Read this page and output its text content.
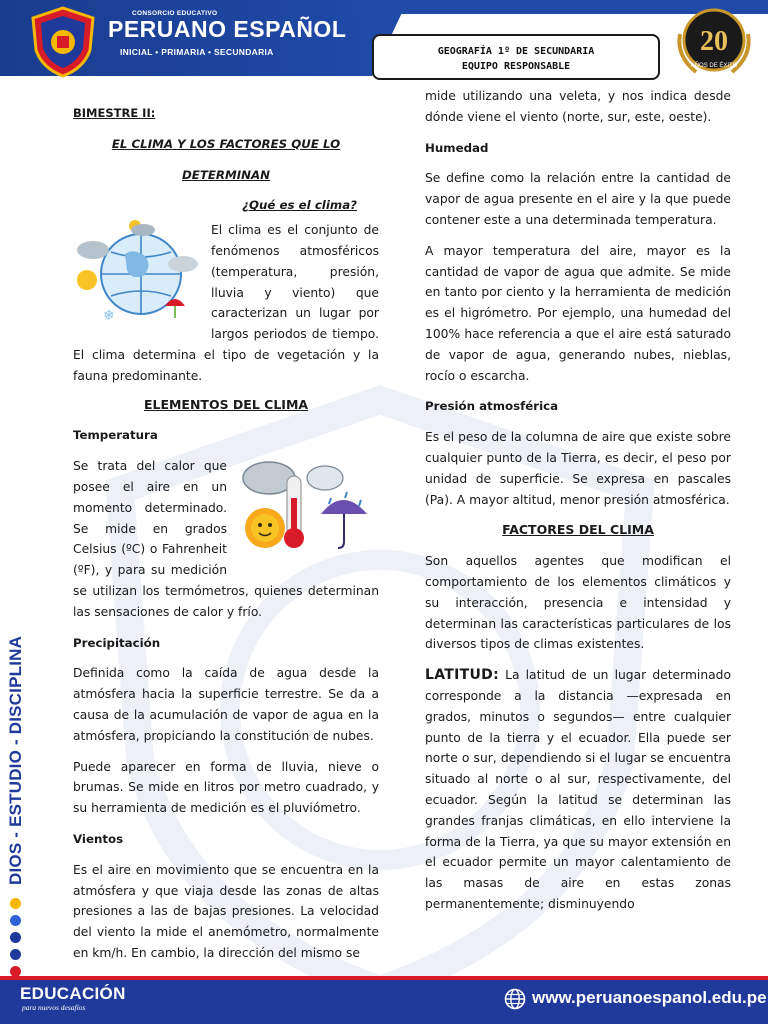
CONSORCIO EDUCATIVO
PERUANO ESPAÑOL
INICIAL • PRIMARIA • SECUNDARIA	GEOGRAFÍA 1º DE SECUNDARIA
EQUIPO RESPONSABLE
20
AÑOS DE ÉXITO
DIOS - ESTUDIO - DISCIPLINA
BIMESTRE II:
EL CLIMA Y LOS FACTORES QUE LO
DETERMINAN
¿Qué es el clima?
❄
El clima es el conjunto de fenómenos atmosféricos (temperatura, presión, lluvia y viento) que caracterizan un lugar por largos periodos de tiempo. El clima determina el tipo de vegetación y la fauna predominante.
ELEMENTOS DEL CLIMA
Temperatura
Se trata del calor que posee el aire en un momento determinado. Se mide en grados Celsius (ºC) o Fahrenheit (ºF), y para su medición se utilizan los termómetros, quienes determinan las sensaciones de calor y frío.
Precipitación
Definida como la caída de agua desde la atmósfera hacia la superficie terrestre. Se da a causa de la acumulación de vapor de agua en la atmósfera, propiciando la constitución de nubes.
Puede aparecer en forma de lluvia, nieve o brumas. Se mide en litros por metro cuadrado, y su herramienta de medición es el pluviómetro.
Vientos
Es el aire en movimiento que se encuentra en la atmósfera y que viaja desde las zonas de altas presiones a las de bajas presiones. La velocidad del viento la mide el anemómetro, normalmente en km/h. En cambio, la dirección del mismo se
mide utilizando una veleta, y nos indica desde dónde viene el viento (norte, sur, este, oeste).
Humedad
Se define como la relación entre la cantidad de vapor de agua presente en el aire y la que puede contener este a una determinada temperatura.
A mayor temperatura del aire, mayor es la cantidad de vapor de agua que admite. Se mide en tanto por ciento y la herramienta de medición es el higrómetro. Por ejemplo, una humedad del 100% hace referencia a que el aire está saturado de vapor de agua, generando nubes, nieblas, rocío o escarcha.
Presión atmosférica
Es el peso de la columna de aire que existe sobre cualquier punto de la Tierra, es decir, el peso por unidad de superficie. Se expresa en pascales (Pa). A mayor altitud, menor presión atmosférica.
FACTORES DEL CLIMA
Son aquellos agentes que modifican el comportamiento de los elementos climáticos y su interacción, presencia e intensidad y determinan las características particulares de los diversos tipos de climas existentes.
LATITUD: La latitud de un lugar determinado corresponde a la distancia —expresada en grados, minutos o segundos— entre cualquier punto de la tierra y el ecuador. Ella puede ser norte o sur, dependiendo si el lugar se encuentra situado al norte o al sur, respectivamente, del ecuador. Según la latitud se determinan las grandes franjas climáticas, en ello interviene la forma de la Tierra, ya que su mayor extensión en el ecuador permite un mayor calentamiento de las masas de aire en estas zonas permanentemente; disminuyendo
EDUCACIÓN
para nuevos desafíos
www.peruanoespanol.edu.pe
